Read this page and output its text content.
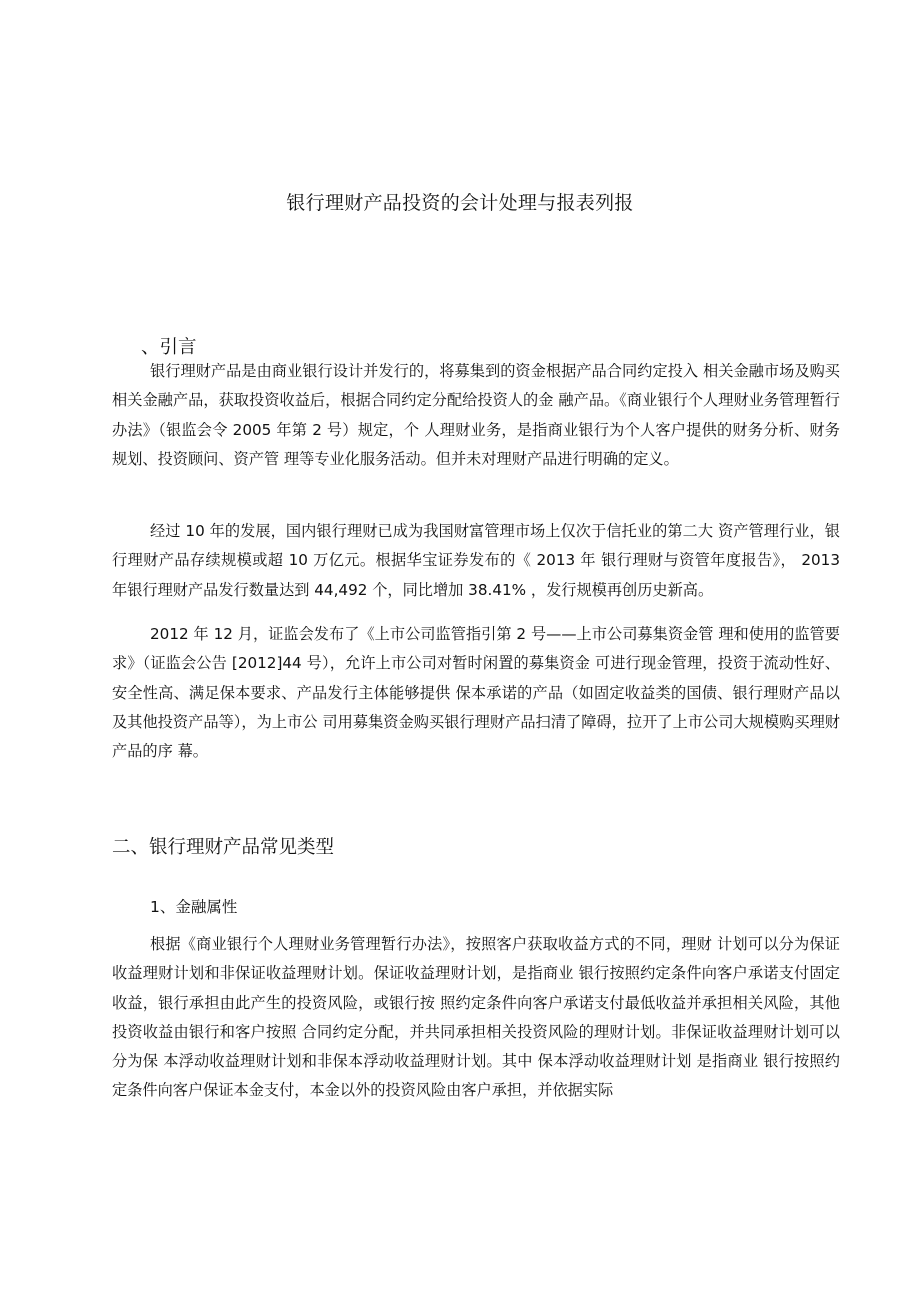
银行理财产品投资的会计处理与报表列报
、引言

银行理财产品是由商业银行设计并发行的，将募集到的资金根据产品合同约定投入 相关金融市场及购买相关金融产品，获取投资收益后，根据合同约定分配给投资人的金 融产品。《商业银行个人理财业务管理暂行办法》（银监会令 2005 年第 2 号）规定，个 人理财业务，是指商业银行为个人客户提供的财务分析、财务规划、投资顾问、资产管 理等专业化服务活动。但并未对理财产品进行明确的定义。

经过 10 年的发展，国内银行理财已成为我国财富管理市场上仅次于信托业的第二大 资产管理行业，银行理财产品存续规模或超 10 万亿元。根据华宝证券发布的《 2013 年 银行理财与资管年度报告》， 2013 年银行理财产品发行数量达到 44,492 个，同比增加 38.41% ，发行规模再创历史新高。

2012 年 12 月，证监会发布了《上市公司监管指引第 2 号——上市公司募集资金管 理和使用的监管要求》（证监会公告 [2012]44 号），允许上市公司对暂时闲置的募集资金 可进行现金管理，投资于流动性好、安全性高、满足保本要求、产品发行主体能够提供 保本承诺的产品（如固定收益类的国债、银行理财产品以及其他投资产品等），为上市公 司用募集资金购买银行理财产品扫清了障碍，拉开了上市公司大规模购买理财产品的序 幕。

二、银行理财产品常见类型
1、金融属性

根据《商业银行个人理财业务管理暂行办法》，按照客户获取收益方式的不同，理财 计划可以分为保证收益理财计划和非保证收益理财计划。保证收益理财计划，是指商业 银行按照约定条件向客户承诺支付固定收益，银行承担由此产生的投资风险，或银行按 照约定条件向客户承诺支付最低收益并承担相关风险，其他投资收益由银行和客户按照 合同约定分配，并共同承担相关投资风险的理财计划。非保证收益理财计划可以分为保 本浮动收益理财计划和非保本浮动收益理财计划。其中 保本浮动收益理财计划 是指商业 银行按照约定条件向客户保证本金支付，本金以外的投资风险由客户承担，并依据实际
